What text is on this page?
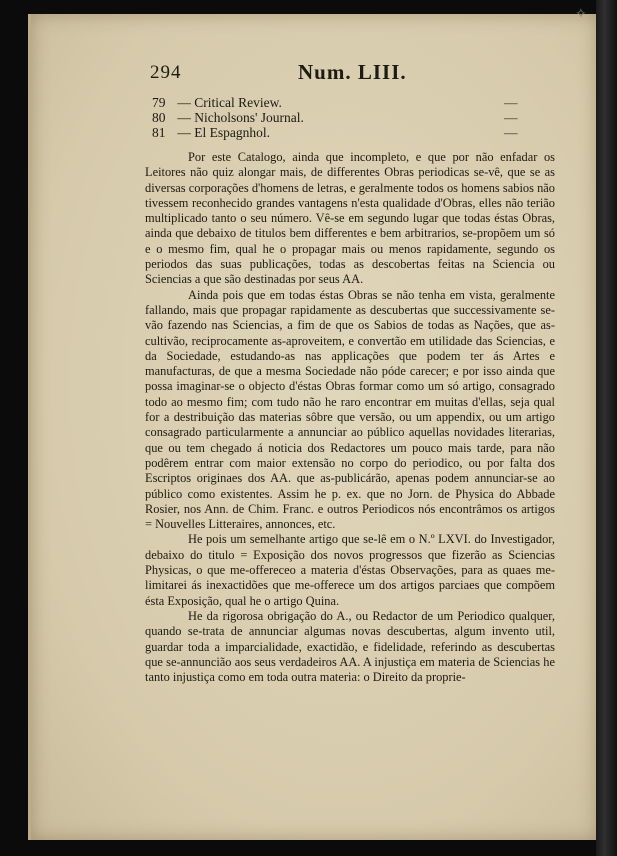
✧
294	Num. LIII.
79 — Critical Review.	—
80 — Nicholsons' Journal.	—
81 — El Espagnhol.	—

Por este Catalogo, ainda que incompleto, e que por não enfadar os Leitores não quiz alongar mais, de differentes Obras periodicas se-vê, que se as diversas corporações d'homens de letras, e geralmente todos os homens sabios não tivessem reconhecido grandes vantagens n'esta qualidade d'Obras, elles não terião multiplicado tanto o seu número. Vê-se em segundo lugar que todas éstas Obras, ainda que debaixo de titulos bem differentes e bem arbitrarios, se-propõem um só e o mesmo fim, qual he o propagar mais ou menos rapidamente, segundo os periodos das suas publicações, todas as descobertas feitas na Sciencia ou Sciencias a que são destinadas por seus AA.

Ainda pois que em todas éstas Obras se não tenha em vista, geralmente fallando, mais que propagar rapidamente as descubertas que successivamente se-vão fazendo nas Sciencias, a fim de que os Sabios de todas as Nações, que as-cultivão, reciprocamente as-aproveitem, e convertão em utilidade das Sciencias, e da Sociedade, estudando-as nas applicações que podem ter ás Artes e manufacturas, de que a mesma Sociedade não póde carecer; e por isso ainda que possa imaginar-se o objecto d'éstas Obras formar como um só artigo, consagrado todo ao mesmo fim; com tudo não he raro encontrar em muitas d'ellas, seja qual for a destribuição das materias sôbre que versão, ou um appendix, ou um artigo consagrado particularmente a annunciar ao público aquellas novidades literarias, que ou tem chegado á noticia dos Redactores um pouco mais tarde, para não podêrem entrar com maior extensão no corpo do periodico, ou por falta dos Escriptos originaes dos AA. que as-publicárão, apenas podem annunciar-se ao público como existentes. Assim he p. ex. que no Jorn. de Physica do Abbade Rosier, nos Ann. de Chim. Franc. e outros Periodicos nós encontrâmos os artigos = Nouvelles Litteraires, annonces, etc.

He pois um semelhante artigo que se-lê em o N.º LXVI. do Investigador, debaixo do titulo = Exposição dos novos progressos que fizerão as Sciencias Physicas, o que me-offereceo a materia d'éstas Observações, para as quaes me-limitarei ás inexactidões que me-offerece um dos artigos parciaes que compõem ésta Exposição, qual he o artigo Quina.

He da rigorosa obrigação do A., ou Redactor de um Periodico qualquer, quando se-trata de annunciar algumas novas descubertas, algum invento util, guardar toda a imparcialidade, exactidão, e fidelidade, referindo as descubertas que se-annuncião aos seus verdadeiros AA. A injustiça em materia de Sciencias he tanto injustiça como em toda outra materia: o Direito da proprie-
